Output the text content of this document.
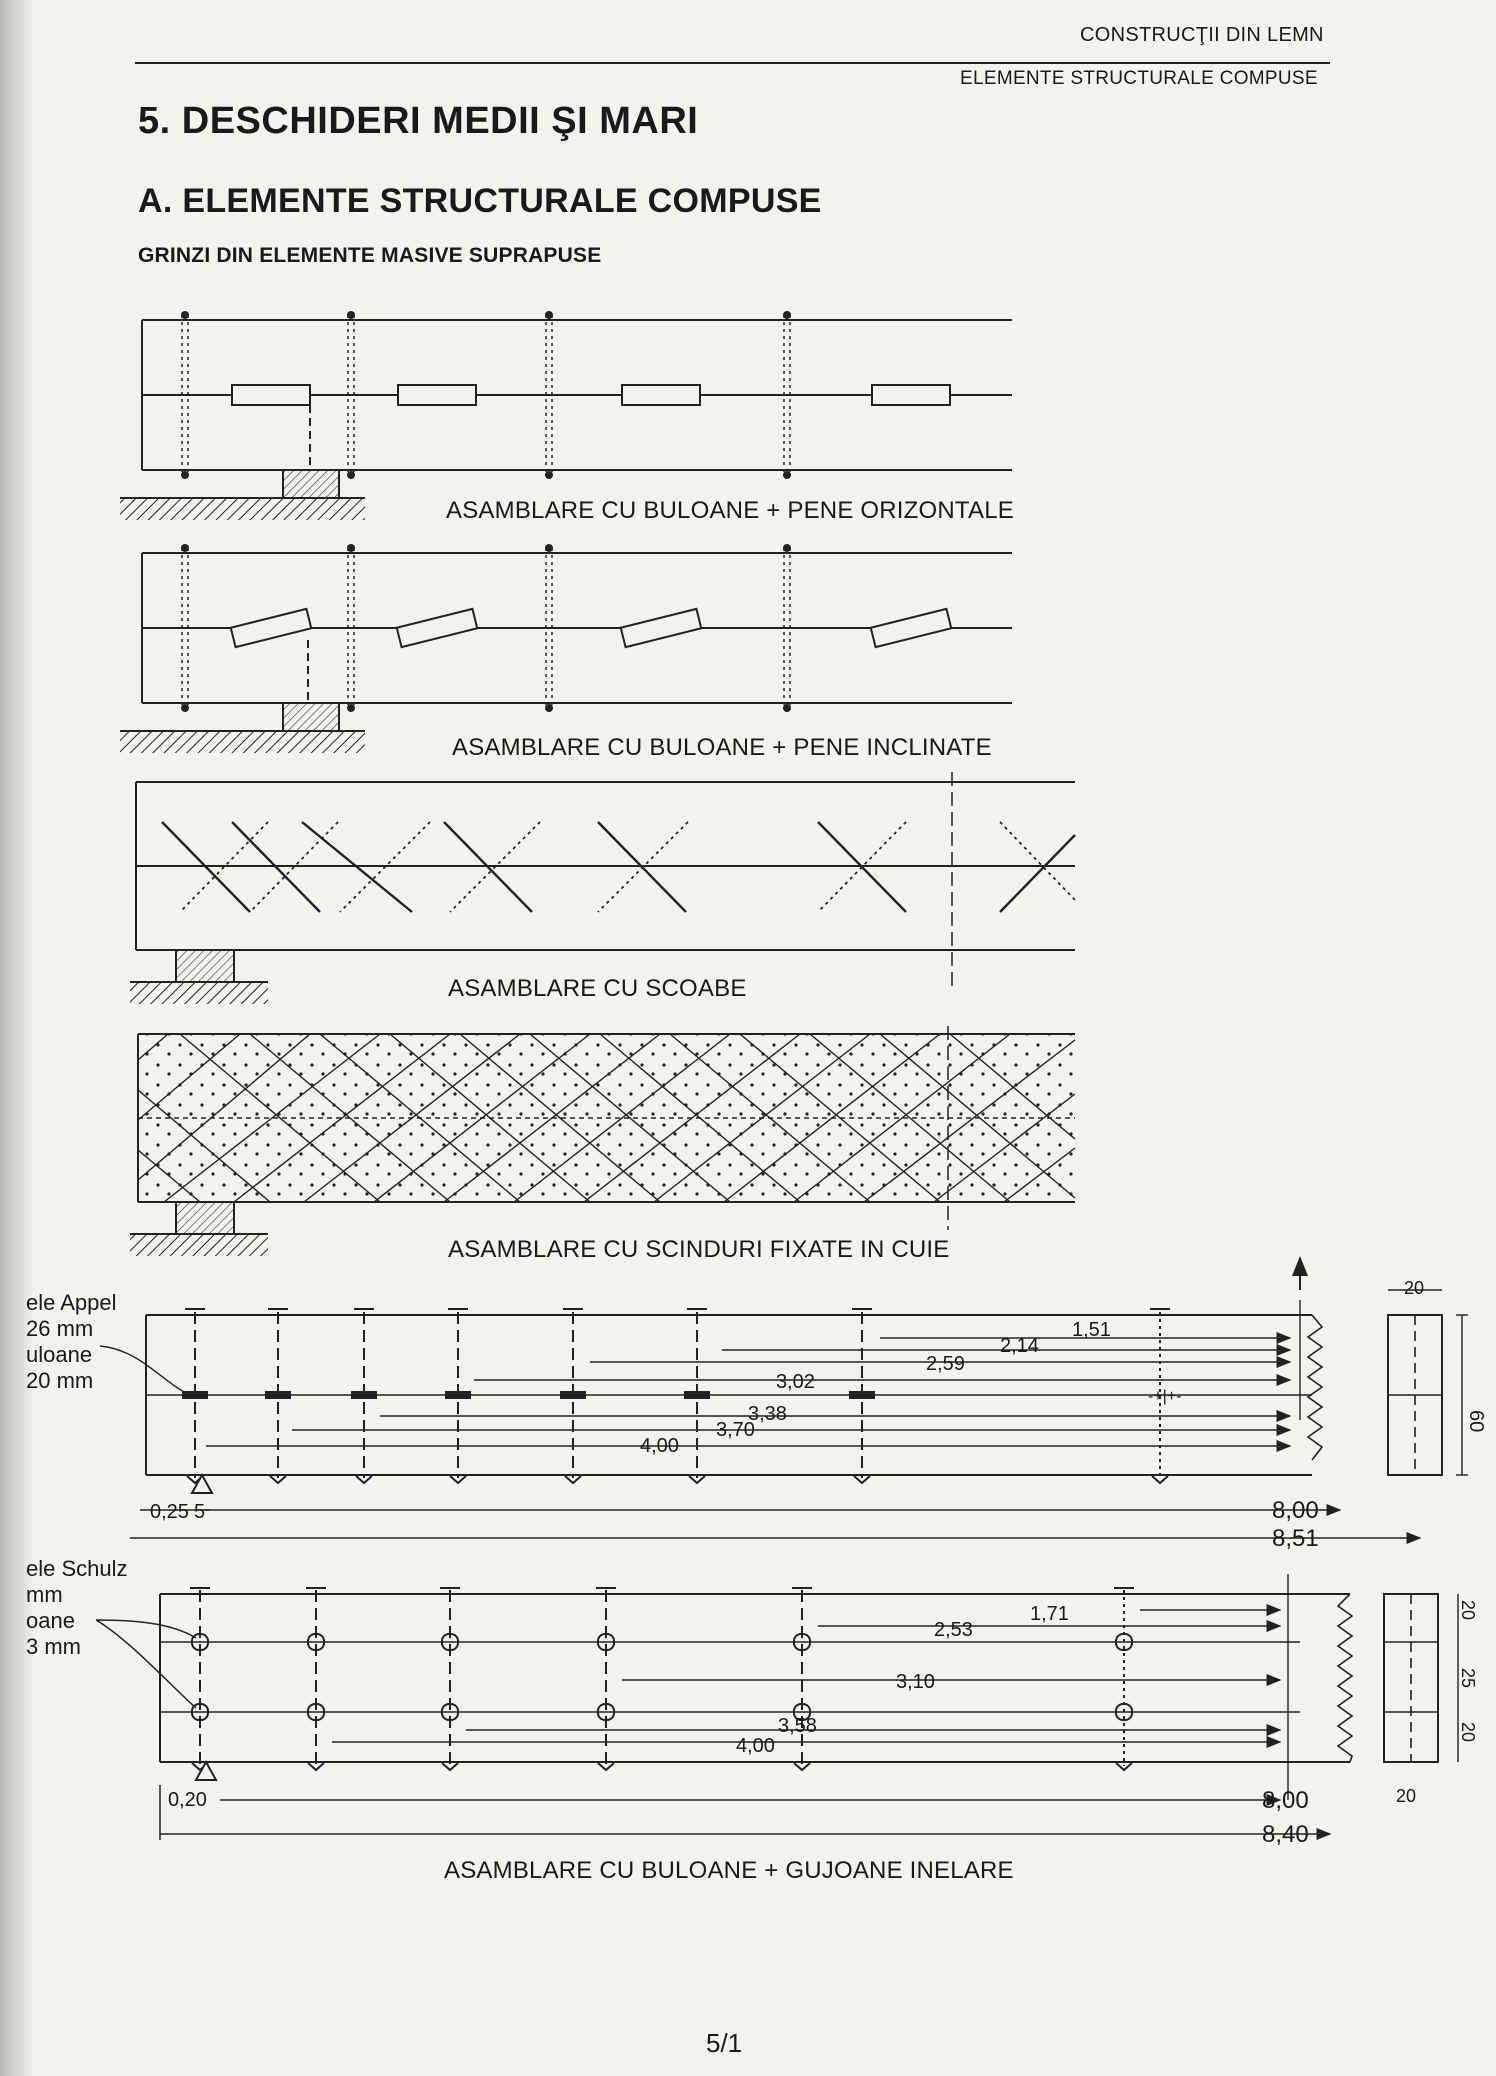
CONSTRUCŢII DIN LEMN
ELEMENTE STRUCTURALE COMPUSE
5. DESCHIDERI MEDII ŞI MARI
A. ELEMENTE STRUCTURALE COMPUSE
GRINZI DIN ELEMENTE MASIVE SUPRAPUSE
ASAMBLARE CU BULOANE + PENE ORIZONTALE
ASAMBLARE CU BULOANE + PENE INCLINATE
ASAMBLARE CU SCOABE
ASAMBLARE CU SCINDURI FIXATE IN CUIE
ASAMBLARE CU BULOANE + GUJOANE INELARE
ele Appel
26 mm
uloane
20 mm
ele Schulz
mm
oane
3 mm
5/1
-+|+-
1,51
2,14
2,59
3,02
3,38
3,70
4,00
0,25 5	8,00
8,51
20
60
1,71
2,53
3,10
3,58
4,00
0,20	8,00
8,40
20
20
25
20
